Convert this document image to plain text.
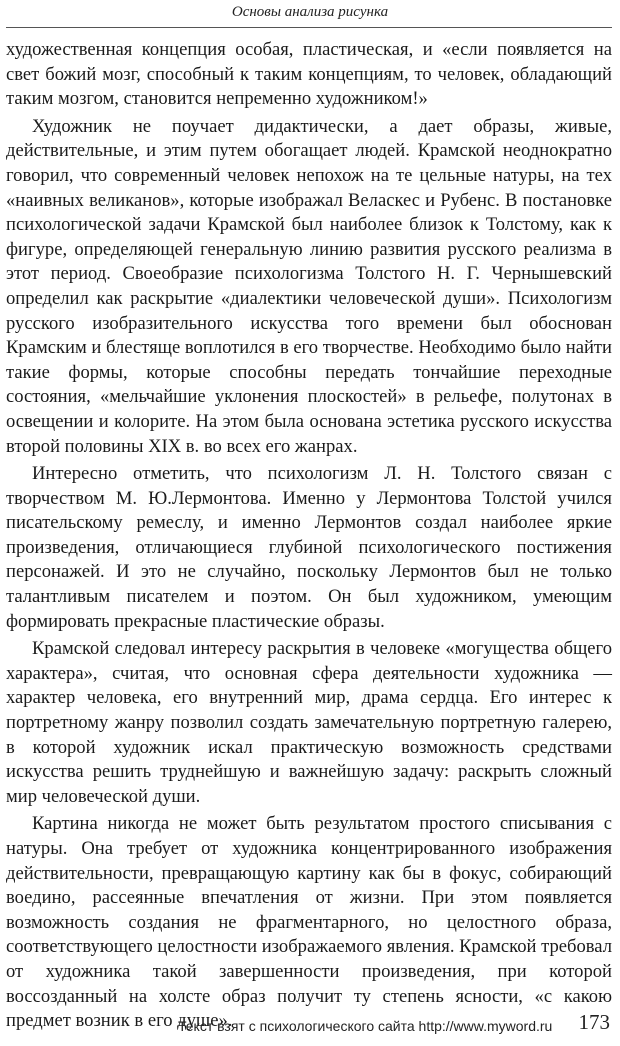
Основы анализа рисунка

художественная концепция особая, пластическая, и «если появляется на свет божий мозг, способный к таким концепциям, то человек, обладающий таким мозгом, становится непременно художником!»

Художник не поучает дидактически, а дает образы, живые, действительные, и этим путем обогащает людей. Крамской неоднократно говорил, что современный человек непохож на те цельные натуры, на тех «наивных великанов», которые изображал Веласкес и Рубенс. В постановке психологической задачи Крамской был наиболее близок к Толстому, как к фигуре, определяющей генеральную линию развития русского реализма в этот период. Своеобразие психологизма Толстого Н. Г. Чернышевский определил как раскрытие «диалектики человеческой души». Психологизм русского изобразительного искусства того времени был обоснован Крамским и блестяще воплотился в его творчестве. Необходимо было найти такие формы, которые способны передать тончайшие переходные состояния, «мельчайшие уклонения плоскостей» в рельефе, полутонах в освещении и колорите. На этом была основана эстетика русского искусства второй половины XIX в. во всех его жанрах.

Интересно отметить, что психологизм Л. Н. Толстого связан с творчеством М. Ю.Лермонтова. Именно у Лермонтова Толстой учился писательскому ремеслу, и именно Лермонтов создал наиболее яркие произведения, отличающиеся глубиной психологического постижения персонажей. И это не случайно, поскольку Лермонтов был не только талантливым писателем и поэтом. Он был художником, умеющим формировать прекрасные пластические образы.

Крамской следовал интересу раскрытия в человеке «могущества общего характера», считая, что основная сфера деятельности художника — характер человека, его внутренний мир, драма сердца. Его интерес к портретному жанру позволил создать замечательную портретную галерею, в которой художник искал практическую возможность средствами искусства решить труднейшую и важнейшую задачу: раскрыть сложный мир человеческой души.

Картина никогда не может быть результатом простого списывания с натуры. Она требует от художника концентрированного изображения действительности, превращающую картину как бы в фокус, собирающий воедино, рассеянные впечатления от жизни. При этом появляется возможность создания не фрагментарного, но целостного образа, соответствующего целостности изображаемого явления. Крамской требовал от художника такой завершенности произведения, при которой воссозданный на холсте образ получит ту степень ясности, «с какою предмет возник в его душе».

Текст взят с психологического сайта http://www.myword.ru 173
